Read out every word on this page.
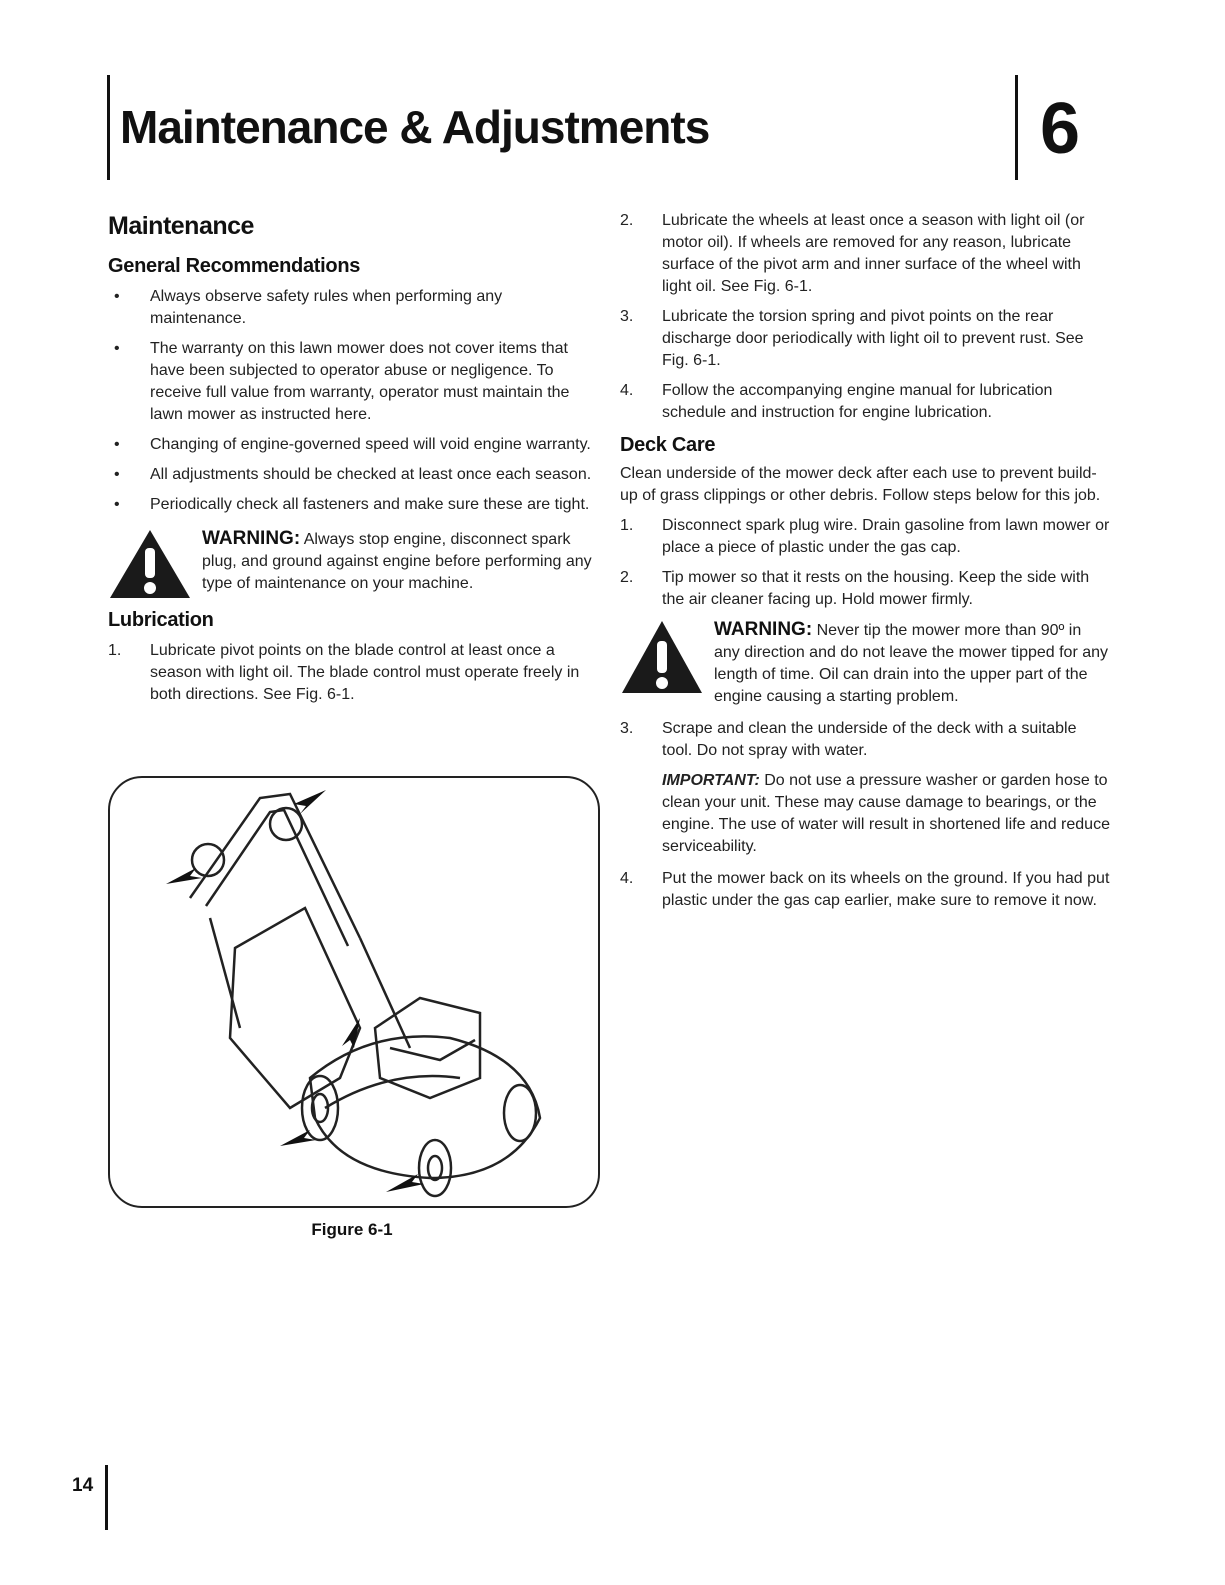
Maintenance & Adjustments	6
Maintenance
General Recommendations
•	Always observe safety rules when performing any maintenance.
•	The warranty on this lawn mower does not cover items that have been subjected to operator abuse or negligence. To receive full value from warranty, operator must maintain the lawn mower as instructed here.
•	Changing of engine-governed speed will void engine warranty.
•	All adjustments should be checked at least once each season.
•	Periodically check all fasteners and make sure these are tight.
WARNING: Always stop engine, disconnect spark plug, and ground against engine before performing any type of maintenance on your machine.
Lubrication
1.	Lubricate pivot points on the blade control at least once a season with light oil. The blade control must operate freely in both directions. See Fig. 6-1.
Figure 6-1
2.	Lubricate the wheels at least once a season with light oil (or motor oil). If wheels are removed for any reason, lubricate surface of the pivot arm and inner surface of the wheel with light oil. See Fig. 6-1.
3.	Lubricate the torsion spring and pivot points on the rear discharge door periodically with light oil to prevent rust. See Fig. 6-1.
4.	Follow the accompanying engine manual for lubrication schedule and instruction for engine lubrication.
Deck Care
Clean underside of the mower deck after each use to prevent build-up of grass clippings or other debris. Follow steps below for this job.
1.	Disconnect spark plug wire. Drain gasoline from lawn mower or place a piece of plastic under the gas cap.
2.	Tip mower so that it rests on the housing. Keep the side with the air cleaner facing up. Hold mower firmly.
WARNING: Never tip the mower more than 90º in any direction and do not leave the mower tipped for any length of time. Oil can drain into the upper part of the engine causing a starting problem.
3.	Scrape and clean the underside of the deck with a suitable tool. Do not spray with water.
IMPORTANT: Do not use a pressure washer or garden hose to clean your unit. These may cause damage to bearings, or the engine. The use of water will result in shortened life and reduce serviceability.
4.	Put the mower back on its wheels on the ground. If you had put plastic under the gas cap earlier, make sure to remove it now.
14
